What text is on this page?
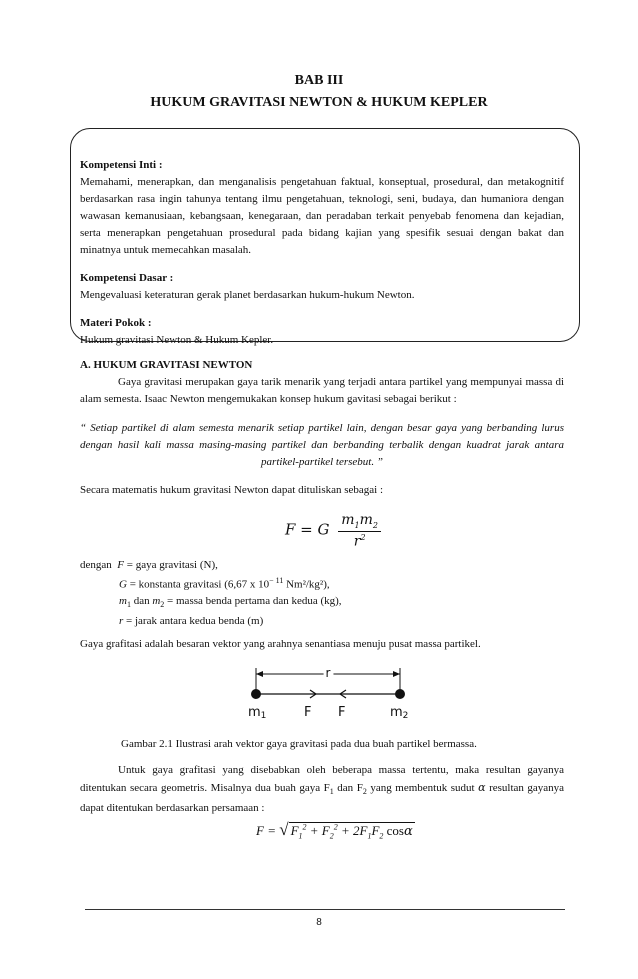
BAB III
HUKUM GRAVITASI NEWTON & HUKUM KEPLER
Kompetensi Inti :

Memahami, menerapkan, dan menganalisis pengetahuan faktual, konseptual, prosedural, dan metakognitif berdasarkan rasa ingin tahunya tentang ilmu pengetahuan, teknologi, seni, budaya, dan humaniora dengan wawasan kemanusiaan, kebangsaan, kenegaraan, dan peradaban terkait penyebab fenomena dan kejadian, serta menerapkan pengetahuan prosedural pada bidang kajian yang spesifik sesuai dengan bakat dan minatnya untuk memecahkan masalah.

Kompetensi Dasar :

Mengevaluasi keteraturan gerak planet berdasarkan hukum-hukum Newton.

Materi Pokok :

Hukum gravitasi Newton & Hukum Kepler.

A. HUKUM GRAVITASI NEWTON
Gaya gravitasi merupakan gaya tarik menarik yang terjadi antara partikel yang mempunyai massa di alam semesta. Isaac Newton mengemukakan konsep hukum gavitasi sebagai berikut :
“ Setiap partikel di alam semesta menarik setiap partikel lain, dengan besar gaya yang berbanding lurus dengan hasil kali massa masing-masing partikel dan berbanding terbalik dengan kuadrat jarak antara partikel-partikel tersebut. ”
Secara matematis hukum gravitasi Newton dapat dituliskan sebagai :
F = G $\frac{m_1m_2}{r^2}$
dengan F = gaya gravitasi (N),
G = konstanta gravitasi (6,67 x $10^{- 11}$ Nm²/kg²),
$m_1$ dan $m_2$ = massa benda pertama dan kedua (kg),
r = jarak antara kedua benda (m)
Gaya grafitasi adalah besaran vektor yang arahnya senantiasa menuju pusat massa partikel.
r
m1	F F	m2
Gambar 2.1 Ilustrasi arah vektor gaya gravitasi pada dua buah partikel bermassa.
Untuk gaya grafitasi yang disebabkan oleh beberapa massa tertentu, maka resultan gayanya ditentukan secara geometris. Misalnya dua buah gaya $F_1$ dan $F_2$ yang membentuk sudut α resultan gayanya dapat ditentukan berdasarkan persamaan :
F = √ $F_1^2 + F_2^2 + 2F_1F_2$ cosα
8
